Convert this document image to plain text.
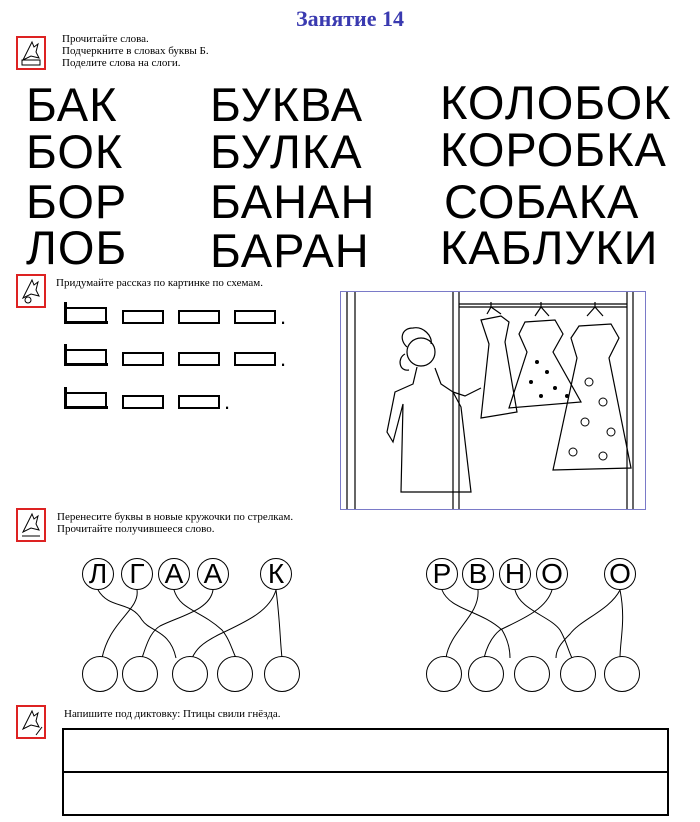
Занятие 14
Прочитайте слова.
Подчеркните в словах буквы Б.
Поделите слова на слоги.
БАК
БОК
БОР
ЛОБ
БУКВА
БУЛКА
БАНАН
БАРАН
КОЛОБОК
КОРОБКА
СОБАКА
КАБЛУКИ
Придумайте рассказ по картинке по схемам.
.
.
.
Перенесите буквы в новые кружочки по стрелкам.
Прочитайте получившееся слово.
Л Г А А К	Р В Н О О
Напишите под диктовку: Птицы свили гнёзда.
